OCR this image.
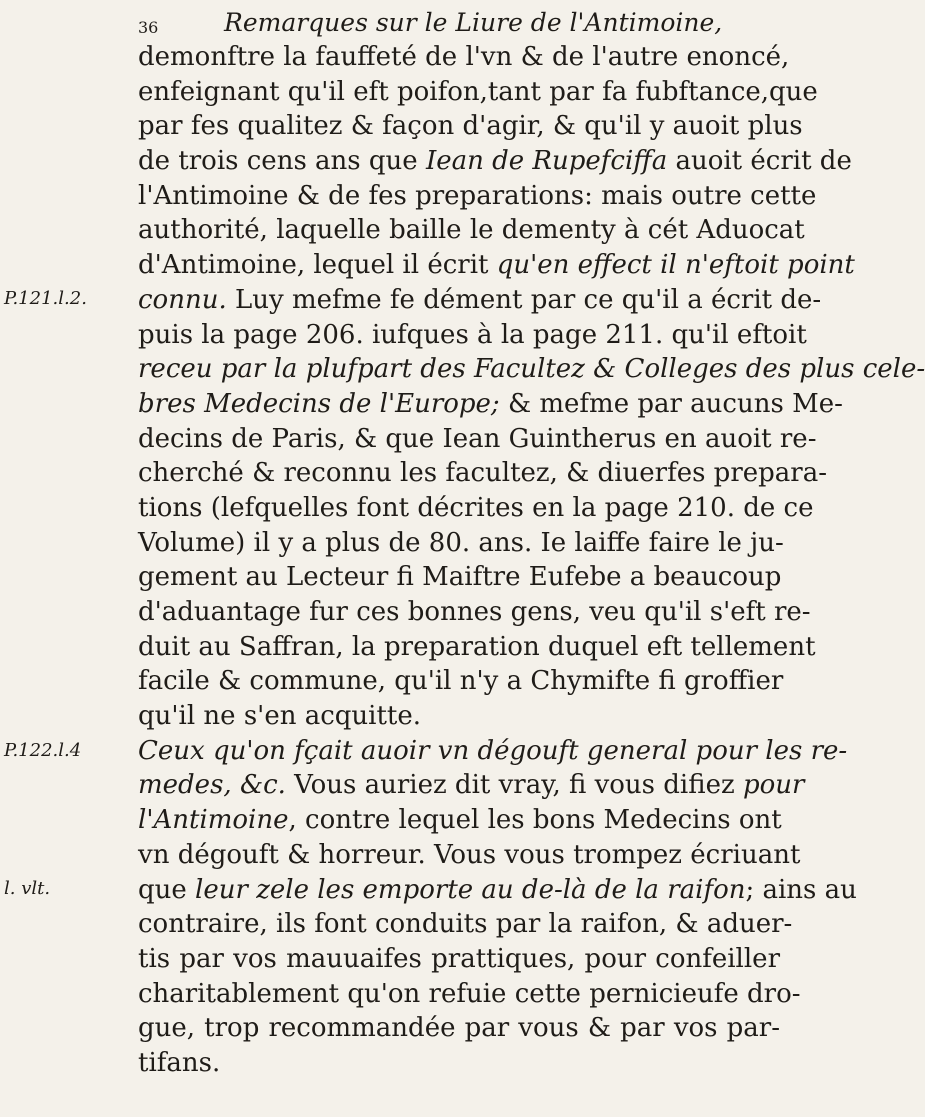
36	Remarques sur le Liure de l'Antimoine,
P.121.l.2.
P.122.l.4
l. vlt.
demonftre la fauffeté de l'vn & de l'autre enoncé,
enfeignant qu'il eft poifon,tant par fa fubftance,que
par fes qualitez & façon d'agir, & qu'il y auoit plus
de trois cens ans que Iean de Rupefciffa auoit écrit de
l'Antimoine & de fes preparations: mais outre cette
authorité, laquelle baille le dementy à cét Aduocat
d'Antimoine, lequel il écrit qu'en effect il n'eftoit point
connu. Luy mefme fe dément par ce qu'il a écrit de-
puis la page 206. iufques à la page 211. qu'il eftoit
receu par la plufpart des Facultez & Colleges des plus cele-
bres Medecins de l'Europe; & mefme par aucuns Me-
decins de Paris, & que Iean Guintherus en auoit re-
cherché & reconnu les facultez, & diuerfes prepara-
tions (lefquelles font décrites en la page 210. de ce
Volume) il y a plus de 80. ans. Ie laiffe faire le ju-
gement au Lecteur fi Maiftre Eufebe a beaucoup
d'aduantage fur ces bonnes gens, veu qu'il s'eft re-
duit au Saffran, la preparation duquel eft tellement
facile & commune, qu'il n'y a Chymifte fi groffier
qu'il ne s'en acquitte.
Ceux qu'on fçait auoir vn dégouft general pour les re-
medes, &c. Vous auriez dit vray, fi vous difiez pour
l'Antimoine, contre lequel les bons Medecins ont
vn dégouft & horreur. Vous vous trompez écriuant
que leur zele les emporte au de-là de la raifon; ains au
contraire, ils font conduits par la raifon, & aduer-
tis par vos mauuaifes prattiques, pour confeiller
charitablement qu'on refuie cette pernicieufe dro-
gue, trop recommandée par vous & par vos par-
tifans.
